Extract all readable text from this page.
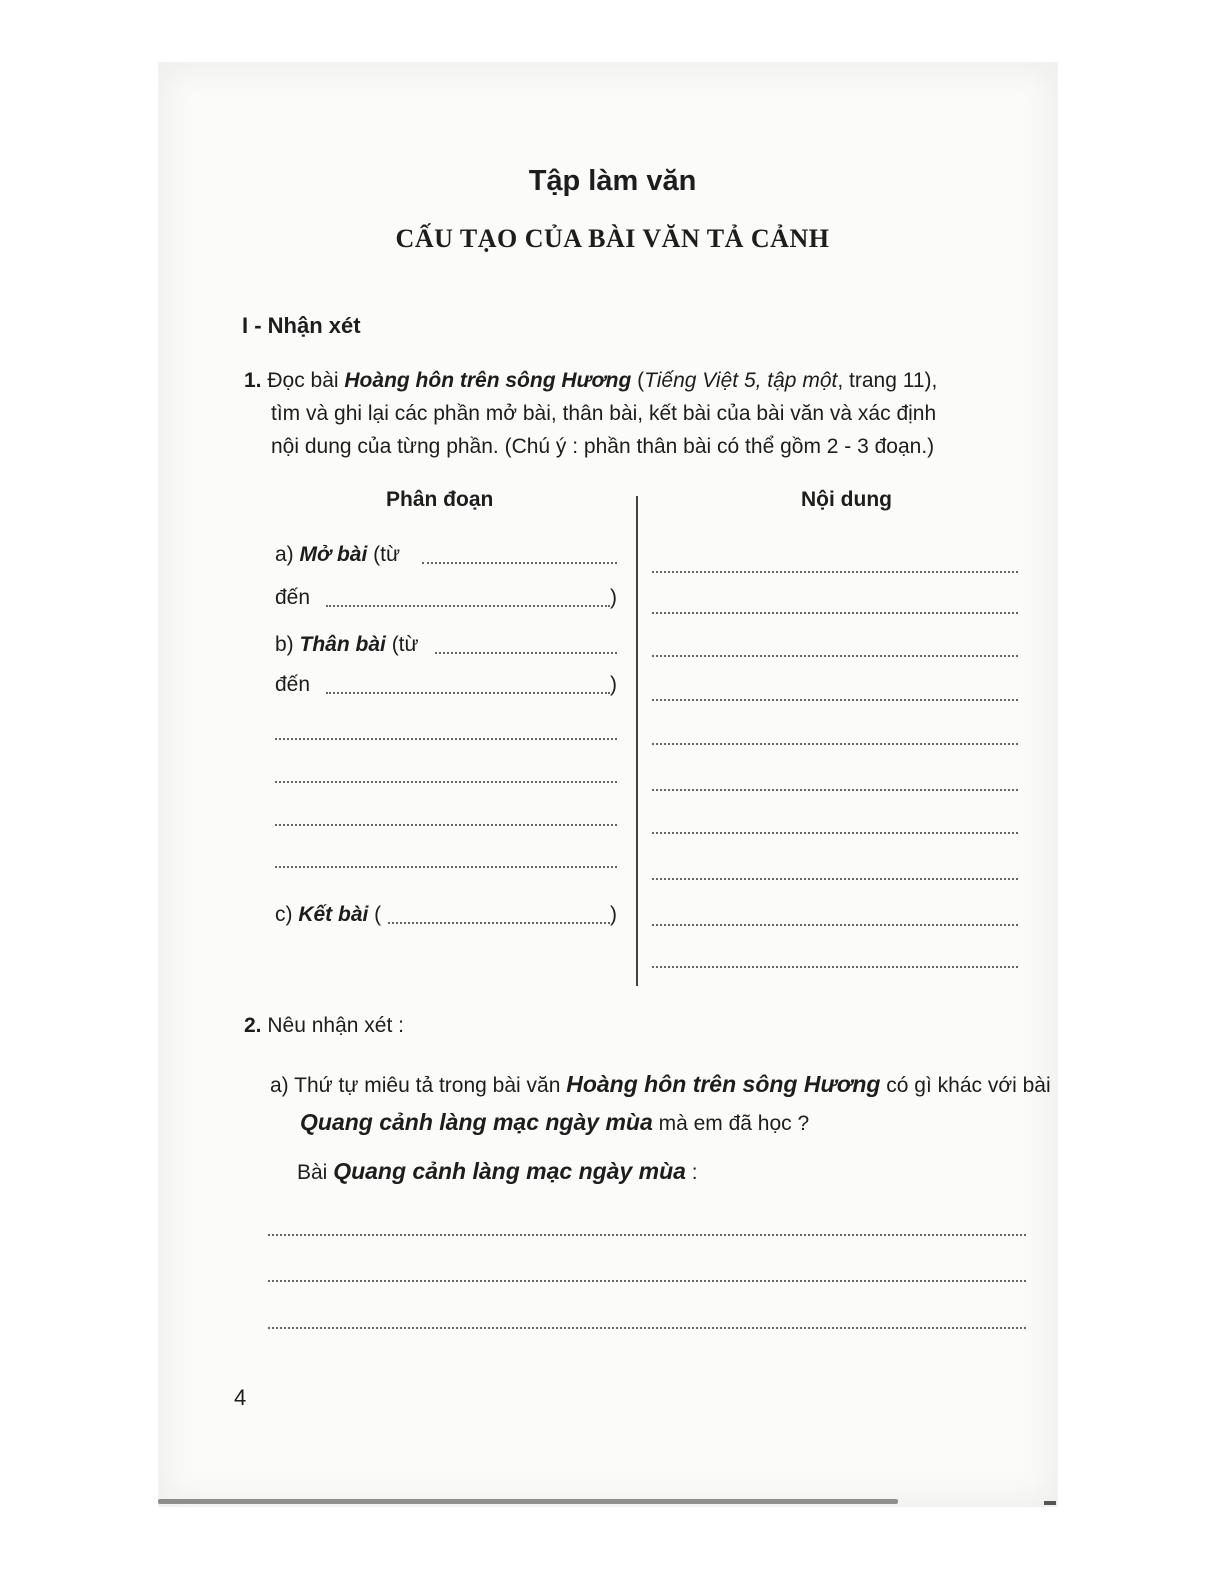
Tập làm văn
CẤU TẠO CỦA BÀI VĂN TẢ CẢNH
I - Nhận xét
1. Đọc bài Hoàng hôn trên sông Hương (Tiếng Việt 5, tập một, trang 11),
tìm và ghi lại các phần mở bài, thân bài, kết bài của bài văn và xác định
nội dung của từng phần. (Chú ý : phần thân bài có thể gồm 2 - 3 đoạn.)
Phân đoạn	Nội dung
a) Mở bài (từ
đến	)
b) Thân bài (từ
đến	)
c) Kết bài (	)
2. Nêu nhận xét :
a) Thứ tự miêu tả trong bài văn Hoàng hôn trên sông Hương có gì khác với bài Quang cảnh làng mạc ngày mùa mà em đã học ?
Bài Quang cảnh làng mạc ngày mùa :
4
